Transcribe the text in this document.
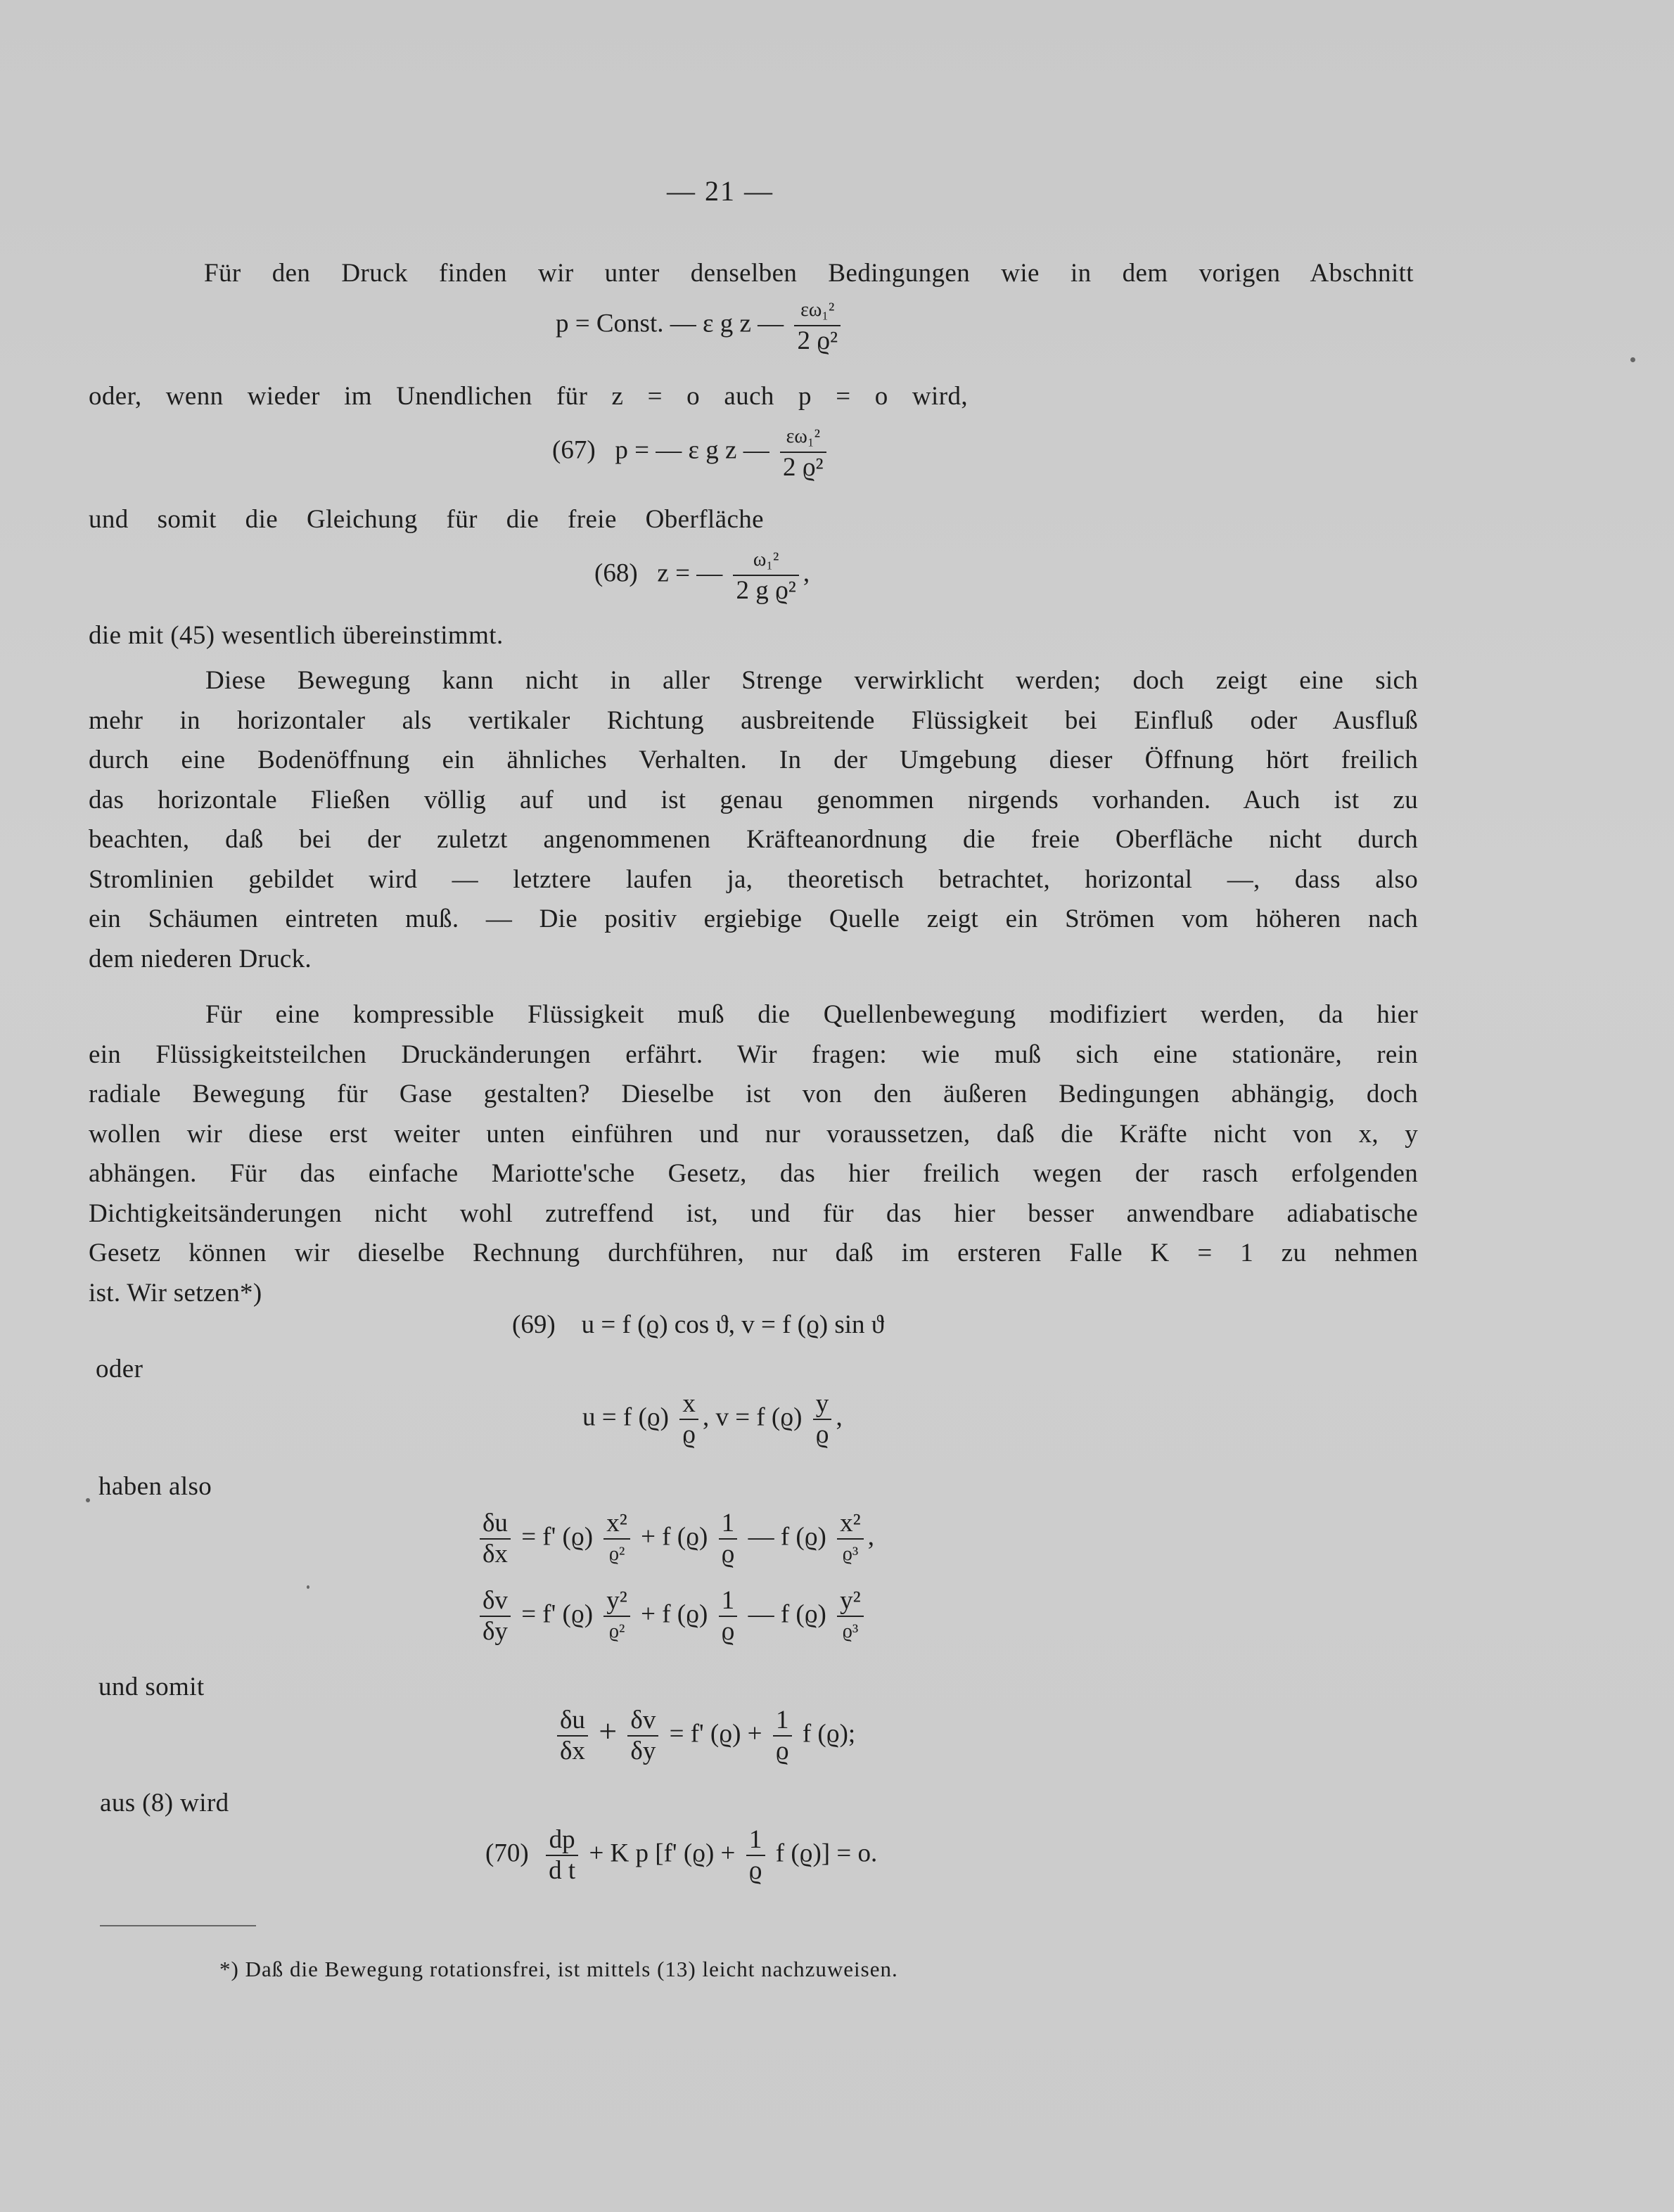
— 21 —
Für den Druck finden wir unter denselben Bedingungen wie in dem vorigen Abschnitt
p = Const. — ε g z — $\frac{\text{εω₁²}}{\text{2 ϱ²}}$
oder, wenn wieder im Unendlichen für z = o auch p = o wird,
(67) p = — ε g z — $\frac{\text{εω₁²}}{\text{2 ϱ²}}$
und somit die Gleichung für die freie Oberfläche
(68) z = — $\frac{\text{ω₁²}}{\text{2 g ϱ²}}$ ,
die mit (45) wesentlich übereinstimmt.
Diese Bewegung kann nicht in aller Strenge verwirklicht werden; doch zeigt eine sich
mehr in horizontaler als vertikaler Richtung ausbreitende Flüssigkeit bei Einfluß oder Ausfluß
durch eine Bodenöffnung ein ähnliches Verhalten. In der Umgebung dieser Öffnung hört freilich
das horizontale Fließen völlig auf und ist genau genommen nirgends vorhanden. Auch ist zu
beachten, daß bei der zuletzt angenommenen Kräfteanordnung die freie Oberfläche nicht durch
Stromlinien gebildet wird — letztere laufen ja, theoretisch betrachtet, horizontal —, dass also
ein Schäumen eintreten muß. — Die positiv ergiebige Quelle zeigt ein Strömen vom höheren nach
dem niederen Druck.
Für eine kompressible Flüssigkeit muß die Quellenbewegung modifiziert werden, da hier
ein Flüssigkeitsteilchen Druckänderungen erfährt. Wir fragen: wie muß sich eine stationäre, rein
radiale Bewegung für Gase gestalten? Dieselbe ist von den äußeren Bedingungen abhängig, doch
wollen wir diese erst weiter unten einführen und nur voraussetzen, daß die Kräfte nicht von x, y
abhängen. Für das einfache Mariotte'sche Gesetz, das hier freilich wegen der rasch erfolgenden
Dichtigkeitsänderungen nicht wohl zutreffend ist, und für das hier besser anwendbare adiabatische
Gesetz können wir dieselbe Rechnung durchführen, nur daß im ersteren Falle K = 1 zu nehmen
ist. Wir setzen*)
(69) u = f (ϱ) cos ϑ, v = f (ϱ) sin ϑ
oder
u = f $(ϱ) \frac{x}{ϱ}$ , v = f $(ϱ) \frac{y}{ϱ}$ ,
haben also
$\frac{\delta u}{\delta x} = f'$ $(ϱ) \frac{\text{x²}}{\text{ϱ²}} + f$ $(ϱ) \frac{1}{ϱ}$ — f $(ϱ) \frac{\text{x²}}{\text{ϱ³}}$ ,
$\frac{\delta v}{\delta y} = f'$ $(ϱ) \frac{\text{y²}}{\text{ϱ²}} + f$ $(ϱ) \frac{1}{ϱ}$ — f $(ϱ) \frac{\text{y²}}{\text{ϱ³}}$
und somit
$\frac{\delta u}{\delta x} + \frac{\delta v}{\delta y} = f'$ $(ϱ) + \frac{1}{ϱ}$ f (ϱ);
aus (8) wird
$(70) \frac{dp}{\text{d t}} + K$ p [f' $(ϱ) + \frac{1}{ϱ}$ f (ϱ)] = o.
*) Daß die Bewegung rotationsfrei, ist mittels (13) leicht nachzuweisen.
